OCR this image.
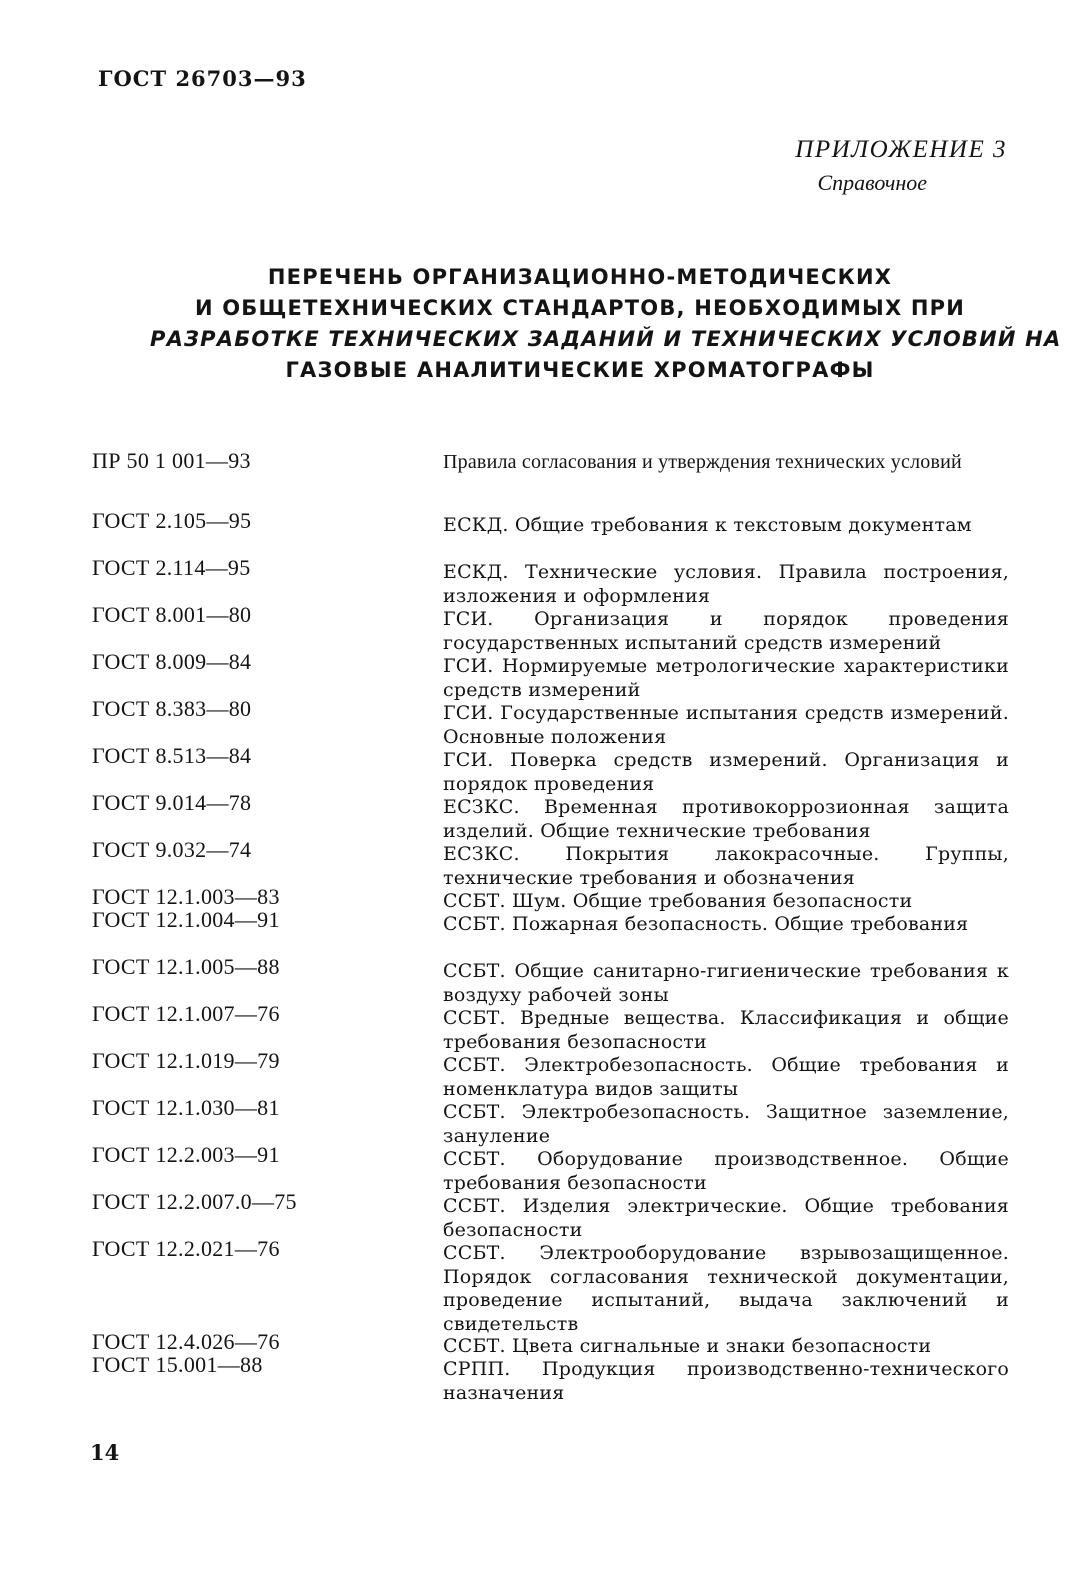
ГОСТ 26703—93
ПРИЛОЖЕНИЕ 3
Справочное
ПЕРЕЧЕНЬ ОРГАНИЗАЦИОННО-МЕТОДИЧЕСКИХ
И ОБЩЕТЕХНИЧЕСКИХ СТАНДАРТОВ, НЕОБХОДИМЫХ ПРИ
РАЗРАБОТКЕ ТЕХНИЧЕСКИХ ЗАДАНИЙ И ТЕХНИЧЕСКИХ УСЛОВИЙ НА
ГАЗОВЫЕ АНАЛИТИЧЕСКИЕ ХРОМАТОГРАФЫ
ПР 50 1 001—93	Правила согласования и утверждения технических условий
ГОСТ 2.105—95	ЕСКД. Общие требования к текстовым документам
ГОСТ 2.114—95	ЕСКД. Технические условия. Правила построения, изложения и оформления
ГОСТ 8.001—80	ГСИ. Организация и порядок проведения государственных испытаний средств измерений
ГОСТ 8.009—84	ГСИ. Нормируемые метрологические характеристики средств измерений
ГОСТ 8.383—80	ГСИ. Государственные испытания средств измерений. Основные положения
ГОСТ 8.513—84	ГСИ. Поверка средств измерений. Организация и порядок проведения
ГОСТ 9.014—78	ЕСЗКС. Временная противокоррозионная защита изделий. Общие технические требования
ГОСТ 9.032—74	ЕСЗКС. Покрытия лакокрасочные. Группы, технические требования и обозначения
ГОСТ 12.1.003—83	ССБТ. Шум. Общие требования безопасности
ГОСТ 12.1.004—91	ССБТ. Пожарная безопасность. Общие требования
ГОСТ 12.1.005—88	ССБТ. Общие санитарно-гигиенические требования к воздуху рабочей зоны
ГОСТ 12.1.007—76	ССБТ. Вредные вещества. Классификация и общие требования безопасности
ГОСТ 12.1.019—79	ССБТ. Электробезопасность. Общие требования и номенклатура видов защиты
ГОСТ 12.1.030—81	ССБТ. Электробезопасность. Защитное заземление, зануление
ГОСТ 12.2.003—91	ССБТ. Оборудование производственное. Общие требования безопасности
ГОСТ 12.2.007.0—75	ССБТ. Изделия электрические. Общие требования безопасности
ГОСТ 12.2.021—76	ССБТ. Электрооборудование взрывозащищенное. Порядок согласования технической документации, проведение испытаний, выдача заключений и свидетельств
ГОСТ 12.4.026—76	ССБТ. Цвета сигнальные и знаки безопасности
ГОСТ 15.001—88	СРПП. Продукция производственно-технического назначения
14
